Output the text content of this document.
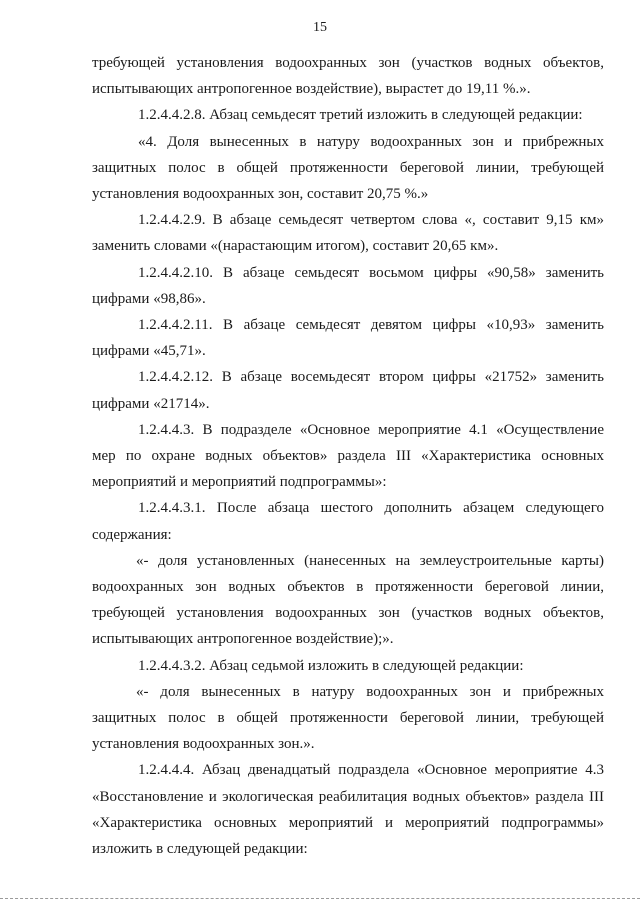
15

требующей установления водоохранных зон (участков водных объектов, испытывающих антропогенное воздействие), вырастет до 19,11 %.».

1.2.4.4.2.8. Абзац семьдесят третий изложить в следующей редакции:

«4. Доля вынесенных в натуру водоохранных зон и прибрежных защитных полос в общей протяженности береговой линии, требующей установления водоохранных зон, составит 20,75 %.»

1.2.4.4.2.9. В абзаце семьдесят четвертом слова «, составит 9,15 км» заменить словами «(нарастающим итогом), составит 20,65 км».

1.2.4.4.2.10. В абзаце семьдесят восьмом цифры «90,58» заменить цифрами «98,86».

1.2.4.4.2.11. В абзаце семьдесят девятом цифры «10,93» заменить цифрами «45,71».

1.2.4.4.2.12. В абзаце восемьдесят втором цифры «21752» заменить цифрами «21714».

1.2.4.4.3. В подразделе «Основное мероприятие 4.1 «Осуществление мер по охране водных объектов» раздела III «Характеристика основных мероприятий и мероприятий подпрограммы»:

1.2.4.4.3.1. После абзаца шестого дополнить абзацем следующего содержания:

«- доля установленных (нанесенных на землеустроительные карты) водоохранных зон водных объектов в протяженности береговой линии, требующей установления водоохранных зон (участков водных объектов, испытывающих антропогенное воздействие);».

1.2.4.4.3.2. Абзац седьмой изложить в следующей редакции:

«- доля вынесенных в натуру водоохранных зон и прибрежных защитных полос в общей протяженности береговой линии, требующей установления водоохранных зон.».

1.2.4.4.4. Абзац двенадцатый подраздела «Основное мероприятие 4.3 «Восстановление и экологическая реабилитация водных объектов» раздела III «Характеристика основных мероприятий и мероприятий подпрограммы» изложить в следующей редакции:
